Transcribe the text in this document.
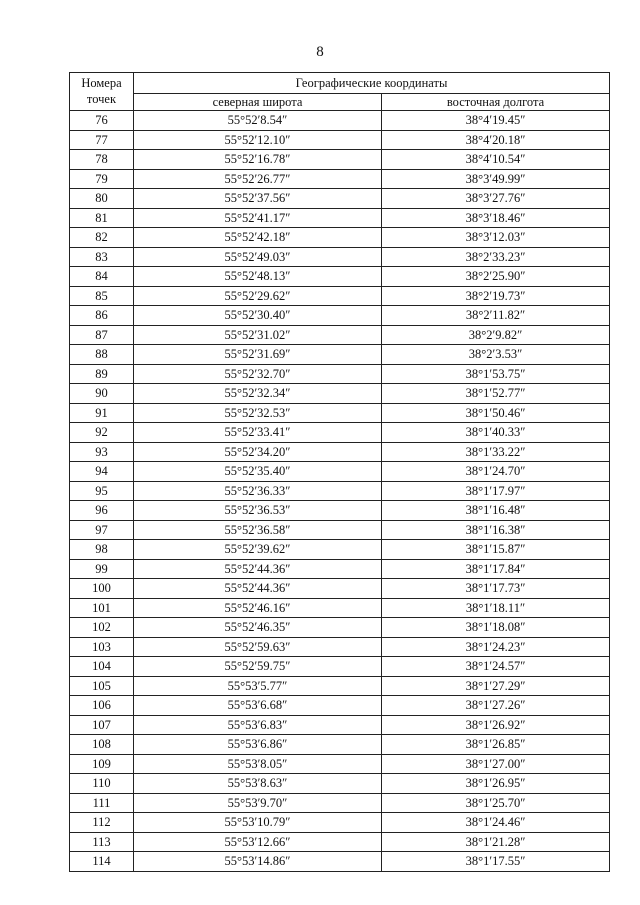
8
Номера точек	Географические координаты	
	северная широта	восточная долгота
76	55°52′8.54″	38°4′19.45″
77	55°52′12.10″	38°4′20.18″
78	55°52′16.78″	38°4′10.54″
79	55°52′26.77″	38°3′49.99″
80	55°52′37.56″	38°3′27.76″
81	55°52′41.17″	38°3′18.46″
82	55°52′42.18″	38°3′12.03″
83	55°52′49.03″	38°2′33.23″
84	55°52′48.13″	38°2′25.90″
85	55°52′29.62″	38°2′19.73″
86	55°52′30.40″	38°2′11.82″
87	55°52′31.02″	38°2′9.82″
88	55°52′31.69″	38°2′3.53″
89	55°52′32.70″	38°1′53.75″
90	55°52′32.34″	38°1′52.77″
91	55°52′32.53″	38°1′50.46″
92	55°52′33.41″	38°1′40.33″
93	55°52′34.20″	38°1′33.22″
94	55°52′35.40″	38°1′24.70″
95	55°52′36.33″	38°1′17.97″
96	55°52′36.53″	38°1′16.48″
97	55°52′36.58″	38°1′16.38″
98	55°52′39.62″	38°1′15.87″
99	55°52′44.36″	38°1′17.84″
100	55°52′44.36″	38°1′17.73″
101	55°52′46.16″	38°1′18.11″
102	55°52′46.35″	38°1′18.08″
103	55°52′59.63″	38°1′24.23″
104	55°52′59.75″	38°1′24.57″
105	55°53′5.77″	38°1′27.29″
106	55°53′6.68″	38°1′27.26″
107	55°53′6.83″	38°1′26.92″
108	55°53′6.86″	38°1′26.85″
109	55°53′8.05″	38°1′27.00″
110	55°53′8.63″	38°1′26.95″
111	55°53′9.70″	38°1′25.70″
112	55°53′10.79″	38°1′24.46″
113	55°53′12.66″	38°1′21.28″
114	55°53′14.86″	38°1′17.55″
